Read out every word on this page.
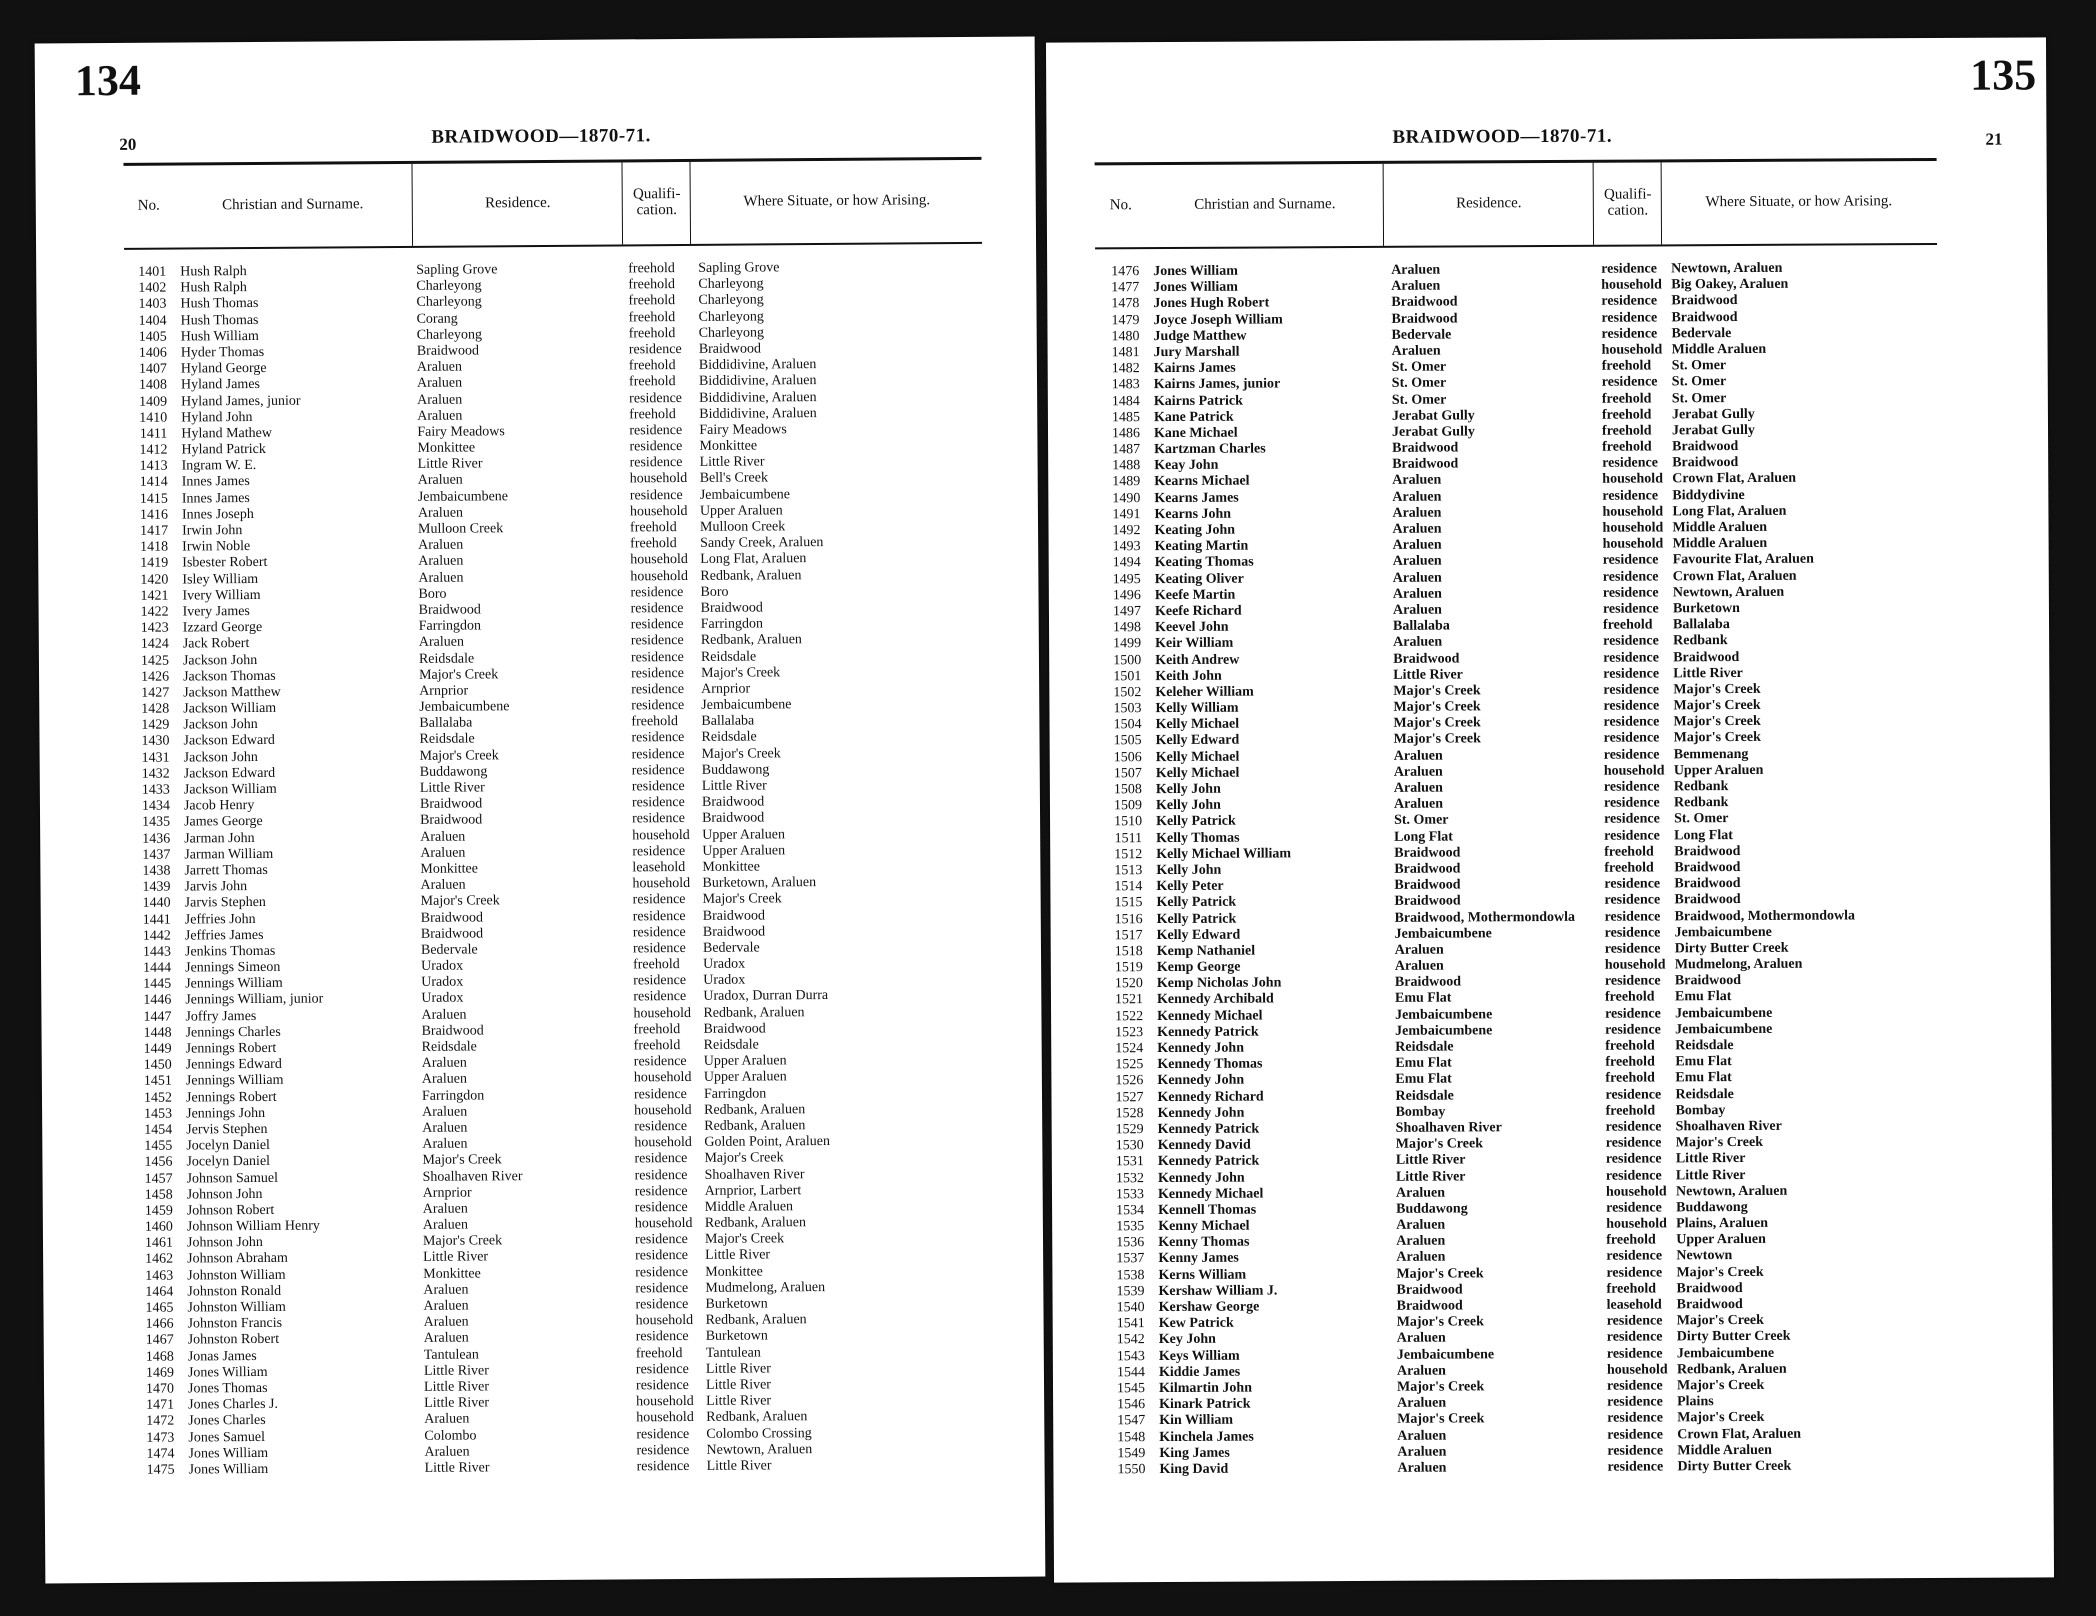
134
20	BRAIDWOOD—1870-71.
No.	Christian and Surname.	Residence.
Qualifi-
cation.
Where Situate, or how Arising.
1401 Hush Ralph	Sapling Grove	freehold	Sapling Grove
1402 Hush Ralph	Charleyong	freehold	Charleyong
1403 Hush Thomas	Charleyong	freehold	Charleyong
1404 Hush Thomas	Corang	freehold	Charleyong
1405 Hush William	Charleyong	freehold	Charleyong
1406 Hyder Thomas	Braidwood	residence	Braidwood
1407 Hyland George	Araluen	freehold	Biddidivine, Araluen
1408 Hyland James	Araluen	freehold	Biddidivine, Araluen
1409 Hyland James, junior	Araluen	residence	Biddidivine, Araluen
1410 Hyland John	Araluen	freehold	Biddidivine, Araluen
1411 Hyland Mathew	Fairy Meadows	residence	Fairy Meadows
1412 Hyland Patrick	Monkittee	residence	Monkittee
1413 Ingram W. E.	Little River	residence	Little River
1414 Innes James	Araluen	household Bell's Creek
1415 Innes James	Jembaicumbene	residence	Jembaicumbene
1416 Innes Joseph	Araluen	household Upper Araluen
1417 Irwin John	Mulloon Creek	freehold	Mulloon Creek
1418 Irwin Noble	Araluen	freehold	Sandy Creek, Araluen
1419 Isbester Robert	Araluen	household Long Flat, Araluen
1420 Isley William	Araluen	household Redbank, Araluen
1421 Ivery William	Boro	residence	Boro
1422 Ivery James	Braidwood	residence	Braidwood
1423 Izzard George	Farringdon	residence	Farringdon
1424 Jack Robert	Araluen	residence	Redbank, Araluen
1425 Jackson John	Reidsdale	residence	Reidsdale
1426 Jackson Thomas	Major's Creek	residence	Major's Creek
1427 Jackson Matthew	Arnprior	residence	Arnprior
1428 Jackson William	Jembaicumbene	residence	Jembaicumbene
1429 Jackson John	Ballalaba	freehold	Ballalaba
1430 Jackson Edward	Reidsdale	residence	Reidsdale
1431 Jackson John	Major's Creek	residence	Major's Creek
1432 Jackson Edward	Buddawong	residence	Buddawong
1433 Jackson William	Little River	residence	Little River
1434 Jacob Henry	Braidwood	residence	Braidwood
1435 James George	Braidwood	residence	Braidwood
1436 Jarman John	Araluen	household Upper Araluen
1437 Jarman William	Araluen	residence	Upper Araluen
1438 Jarrett Thomas	Monkittee	leasehold	Monkittee
1439 Jarvis John	Araluen	household Burketown, Araluen
1440 Jarvis Stephen	Major's Creek	residence	Major's Creek
1441 Jeffries John	Braidwood	residence	Braidwood
1442 Jeffries James	Braidwood	residence	Braidwood
1443 Jenkins Thomas	Bedervale	residence	Bedervale
1444 Jennings Simeon	Uradox	freehold	Uradox
1445 Jennings William	Uradox	residence	Uradox
1446 Jennings William, junior	Uradox	residence	Uradox, Durran Durra
1447 Joffry James	Araluen	household Redbank, Araluen
1448 Jennings Charles	Braidwood	freehold	Braidwood
1449 Jennings Robert	Reidsdale	freehold	Reidsdale
1450 Jennings Edward	Araluen	residence	Upper Araluen
1451 Jennings William	Araluen	household Upper Araluen
1452 Jennings Robert	Farringdon	residence	Farringdon
1453 Jennings John	Araluen	household Redbank, Araluen
1454 Jervis Stephen	Araluen	residence	Redbank, Araluen
1455 Jocelyn Daniel	Araluen	household Golden Point, Araluen
1456 Jocelyn Daniel	Major's Creek	residence	Major's Creek
1457 Johnson Samuel	Shoalhaven River	residence	Shoalhaven River
1458 Johnson John	Arnprior	residence	Arnprior, Larbert
1459 Johnson Robert	Araluen	residence	Middle Araluen
1460 Johnson William Henry	Araluen	household Redbank, Araluen
1461 Johnson John	Major's Creek	residence	Major's Creek
1462 Johnson Abraham	Little River	residence	Little River
1463 Johnston William	Monkittee	residence	Monkittee
1464 Johnston Ronald	Araluen	residence	Mudmelong, Araluen
1465 Johnston William	Araluen	residence	Burketown
1466 Johnston Francis	Araluen	household Redbank, Araluen
1467 Johnston Robert	Araluen	residence	Burketown
1468 Jonas James	Tantulean	freehold	Tantulean
1469 Jones William	Little River	residence	Little River
1470 Jones Thomas	Little River	residence	Little River
1471 Jones Charles J.	Little River	household Little River
1472 Jones Charles	Araluen	household Redbank, Araluen
1473 Jones Samuel	Colombo	residence	Colombo Crossing
1474 Jones William	Araluen	residence	Newtown, Araluen
1475 Jones William	Little River	residence	Little River
135
21
BRAIDWOOD—1870-71.
No.	Christian and Surname.	Residence.
Qualifi-
cation.
Where Situate, or how Arising.
1476 Jones William	Araluen	residence	Newtown, Araluen
1477 Jones William	Araluen	household Big Oakey, Araluen
1478 Jones Hugh Robert	Braidwood	residence	Braidwood
1479 Joyce Joseph William	Braidwood	residence	Braidwood
1480 Judge Matthew	Bedervale	residence	Bedervale
1481 Jury Marshall	Araluen	household Middle Araluen
1482 Kairns James	St. Omer	freehold	St. Omer
1483 Kairns James, junior	St. Omer	residence	St. Omer
1484 Kairns Patrick	St. Omer	freehold	St. Omer
1485 Kane Patrick	Jerabat Gully	freehold	Jerabat Gully
1486 Kane Michael	Jerabat Gully	freehold	Jerabat Gully
1487 Kartzman Charles	Braidwood	freehold	Braidwood
1488 Keay John	Braidwood	residence	Braidwood
1489 Kearns Michael	Araluen	household Crown Flat, Araluen
1490 Kearns James	Araluen	residence	Biddydivine
1491 Kearns John	Araluen	household Long Flat, Araluen
1492 Keating John	Araluen	household Middle Araluen
1493 Keating Martin	Araluen	household Middle Araluen
1494 Keating Thomas	Araluen	residence	Favourite Flat, Araluen
1495 Keating Oliver	Araluen	residence	Crown Flat, Araluen
1496 Keefe Martin	Araluen	residence	Newtown, Araluen
1497 Keefe Richard	Araluen	residence	Burketown
1498 Keevel John	Ballalaba	freehold	Ballalaba
1499 Keir William	Araluen	residence	Redbank
1500 Keith Andrew	Braidwood	residence	Braidwood
1501 Keith John	Little River	residence	Little River
1502 Keleher William	Major's Creek	residence	Major's Creek
1503 Kelly William	Major's Creek	residence	Major's Creek
1504 Kelly Michael	Major's Creek	residence	Major's Creek
1505 Kelly Edward	Major's Creek	residence	Major's Creek
1506 Kelly Michael	Araluen	residence	Bemmenang
1507 Kelly Michael	Araluen	household Upper Araluen
1508 Kelly John	Araluen	residence	Redbank
1509 Kelly John	Araluen	residence	Redbank
1510 Kelly Patrick	St. Omer	residence	St. Omer
1511 Kelly Thomas	Long Flat	residence	Long Flat
1512 Kelly Michael William	Braidwood	freehold	Braidwood
1513 Kelly John	Braidwood	freehold	Braidwood
1514 Kelly Peter	Braidwood	residence	Braidwood
1515 Kelly Patrick	Braidwood	residence	Braidwood
1516 Kelly Patrick	Braidwood, Mothermondowla	residence	Braidwood, Mothermondowla
1517 Kelly Edward	Jembaicumbene	residence	Jembaicumbene
1518 Kemp Nathaniel	Araluen	residence	Dirty Butter Creek
1519 Kemp George	Araluen	household Mudmelong, Araluen
1520 Kemp Nicholas John	Braidwood	residence	Braidwood
1521 Kennedy Archibald	Emu Flat	freehold	Emu Flat
1522 Kennedy Michael	Jembaicumbene	residence	Jembaicumbene
1523 Kennedy Patrick	Jembaicumbene	residence	Jembaicumbene
1524 Kennedy John	Reidsdale	freehold	Reidsdale
1525 Kennedy Thomas	Emu Flat	freehold	Emu Flat
1526 Kennedy John	Emu Flat	freehold	Emu Flat
1527 Kennedy Richard	Reidsdale	residence	Reidsdale
1528 Kennedy John	Bombay	freehold	Bombay
1529 Kennedy Patrick	Shoalhaven River	residence	Shoalhaven River
1530 Kennedy David	Major's Creek	residence	Major's Creek
1531 Kennedy Patrick	Little River	residence	Little River
1532 Kennedy John	Little River	residence	Little River
1533 Kennedy Michael	Araluen	household Newtown, Araluen
1534 Kennell Thomas	Buddawong	residence	Buddawong
1535 Kenny Michael	Araluen	household Plains, Araluen
1536 Kenny Thomas	Araluen	freehold	Upper Araluen
1537 Kenny James	Araluen	residence	Newtown
1538 Kerns William	Major's Creek	residence	Major's Creek
1539 Kershaw William J.	Braidwood	freehold	Braidwood
1540 Kershaw George	Braidwood	leasehold	Braidwood
1541 Kew Patrick	Major's Creek	residence	Major's Creek
1542 Key John	Araluen	residence	Dirty Butter Creek
1543 Keys William	Jembaicumbene	residence	Jembaicumbene
1544 Kiddie James	Araluen	household Redbank, Araluen
1545 Kilmartin John	Major's Creek	residence	Major's Creek
1546 Kinark Patrick	Araluen	residence	Plains
1547 Kin William	Major's Creek	residence	Major's Creek
1548 Kinchela James	Araluen	residence	Crown Flat, Araluen
1549 King James	Araluen	residence	Middle Araluen
1550 King David	Araluen	residence	Dirty Butter Creek
